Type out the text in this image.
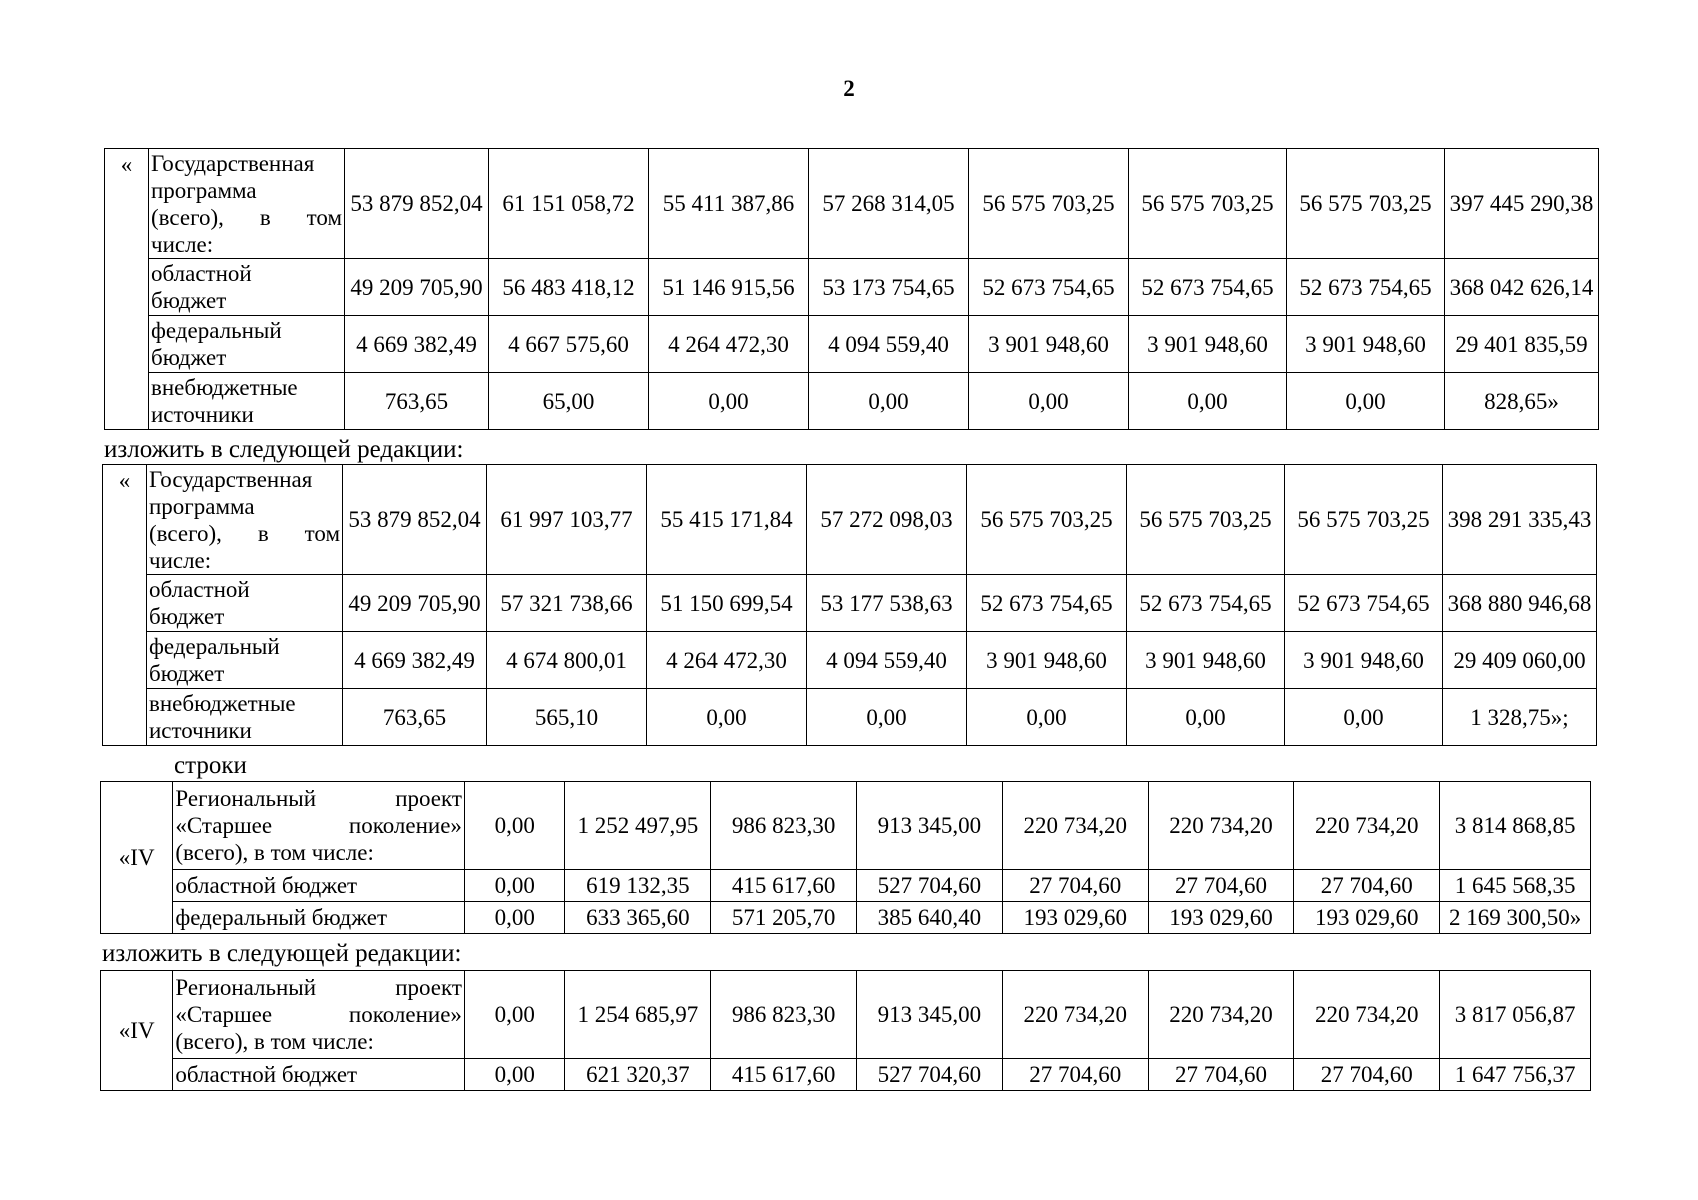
2
«	Государственная
программа
(всего), в том
числе:	53 879 852,04	61 151 058,72	55 411 387,86	57 268 314,05	56 575 703,25	56 575 703,25	56 575 703,25	397 445 290,38

	областной
бюджет	49 209 705,90	56 483 418,12	51 146 915,56	53 173 754,65	52 673 754,65	52 673 754,65	52 673 754,65	368 042 626,14

	федеральный
бюджет	4 669 382,49	4 667 575,60	4 264 472,30	4 094 559,40	3 901 948,60	3 901 948,60	3 901 948,60	29 401 835,59

	внебюджетные
источники	763,65	65,00	0,00	0,00	0,00	0,00	0,00	828,65»
изложить в следующей редакции:
«	Государственная
программа
(всего), в том
числе:	53 879 852,04	61 997 103,77	55 415 171,84	57 272 098,03	56 575 703,25	56 575 703,25	56 575 703,25	398 291 335,43

	областной
бюджет	49 209 705,90	57 321 738,66	51 150 699,54	53 177 538,63	52 673 754,65	52 673 754,65	52 673 754,65	368 880 946,68

	федеральный
бюджет	4 669 382,49	4 674 800,01	4 264 472,30	4 094 559,40	3 901 948,60	3 901 948,60	3 901 948,60	29 409 060,00

	внебюджетные
источники	763,65	565,10	0,00	0,00	0,00	0,00	0,00	1 328,75»;
строки
«IV	Региональный проект
«Старшее поколение»
(всего), в том числе:	0,00	1 252 497,95	986 823,30	913 345,00	220 734,20	220 734,20	220 734,20	3 814 868,85

	областной бюджет	0,00	619 132,35	415 617,60	527 704,60	27 704,60	27 704,60	27 704,60	1 645 568,35

	федеральный бюджет	0,00	633 365,60	571 205,70	385 640,40	193 029,60	193 029,60	193 029,60	2 169 300,50»
изложить в следующей редакции:
«IV	Региональный проект
«Старшее поколение»
(всего), в том числе:	0,00	1 254 685,97	986 823,30	913 345,00	220 734,20	220 734,20	220 734,20	3 817 056,87

	областной бюджет	0,00	621 320,37	415 617,60	527 704,60	27 704,60	27 704,60	27 704,60	1 647 756,37
